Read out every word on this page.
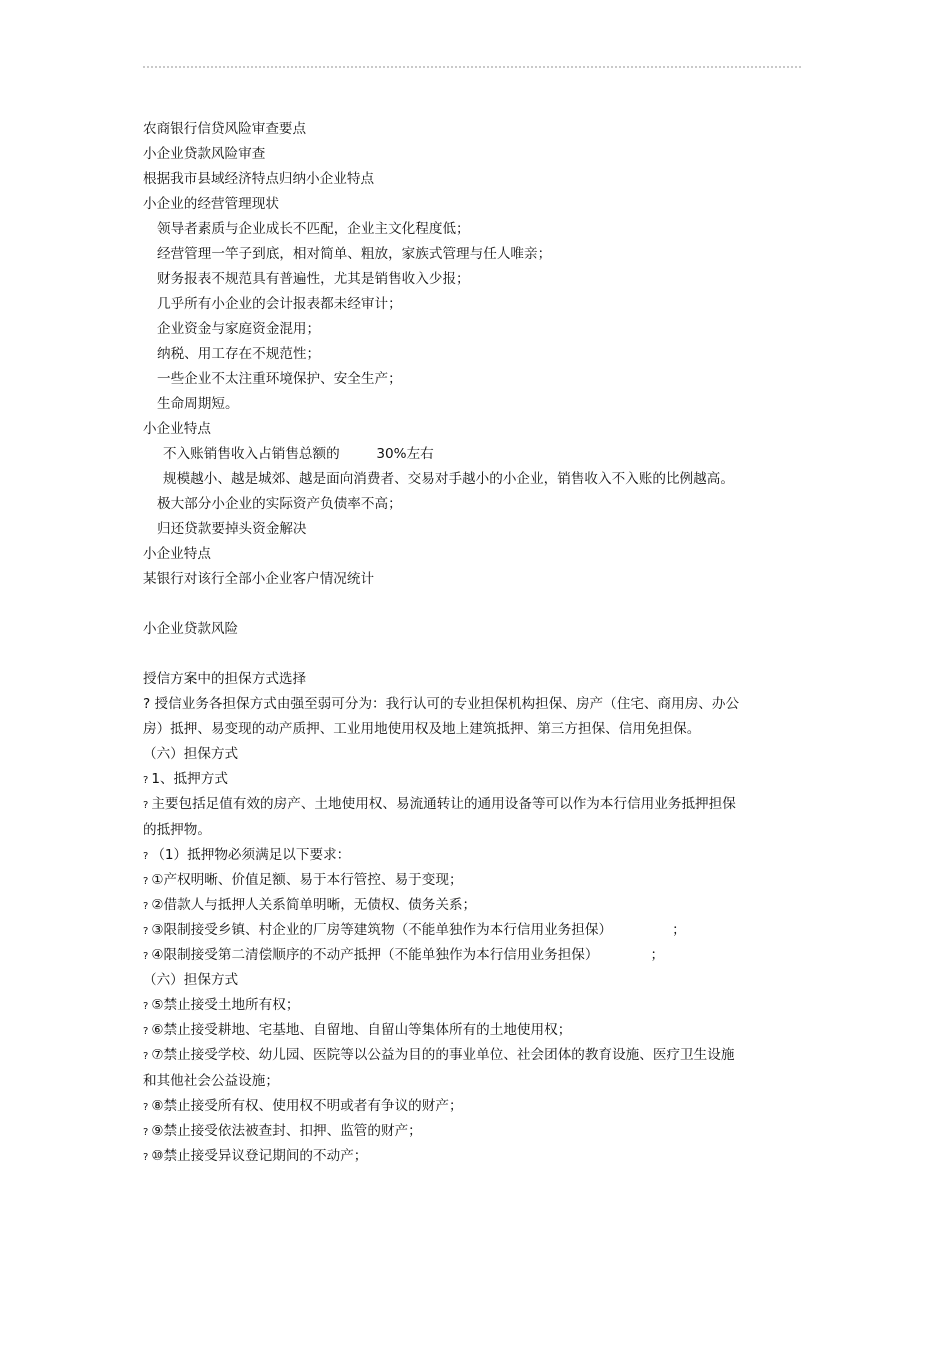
农商银行信贷风险审查要点
小企业贷款风险审查
根据我市县域经济特点归纳小企业特点
小企业的经营管理现状
领导者素质与企业成长不匹配，企业主文化程度低；
经营管理一竿子到底，相对简单、粗放，家族式管理与任人唯亲；
财务报表不规范具有普遍性，尤其是销售收入少报；
几乎所有小企业的会计报表都未经审计；
企业资金与家庭资金混用；
纳税、用工存在不规范性；
一些企业不太注重环境保护、安全生产；
生命周期短。
小企业特点
不入账销售收入占销售总额的	30%左右
规模越小、越是城郊、越是面向消费者、交易对手越小的小企业，销售收入不入账的比例越高。
极大部分小企业的实际资产负债率不高；
归还贷款要掉头资金解决
小企业特点
某银行对该行全部小企业客户情况统计
小企业贷款风险
授信方案中的担保方式选择
? 授信业务各担保方式由强至弱可分为：我行认可的专业担保机构担保、房产（住宅、商用房、办公房）抵押、易变现的动产质押、工业用地使用权及地上建筑抵押、第三方担保、信用免担保。
（六）担保方式
? 1、抵押方式
? 主要包括足值有效的房产、土地使用权、易流通转让的通用设备等可以作为本行信用业务抵押担保的抵押物。
? （1）抵押物必须满足以下要求：
? ①产权明晰、价值足额、易于本行管控、易于变现；
? ②借款人与抵押人关系简单明晰，无债权、债务关系；
? ③限制接受乡镇、村企业的厂房等建筑物（不能单独作为本行信用业务担保）	；
? ④限制接受第二清偿顺序的不动产抵押（不能单独作为本行信用业务担保）	；
（六）担保方式
? ⑤禁止接受土地所有权；
? ⑥禁止接受耕地、宅基地、自留地、自留山等集体所有的土地使用权；
? ⑦禁止接受学校、幼儿园、医院等以公益为目的的事业单位、社会团体的教育设施、医疗卫生设施和其他社会公益设施；
? ⑧禁止接受所有权、使用权不明或者有争议的财产；
? ⑨禁止接受依法被查封、扣押、监管的财产；
? ⑩禁止接受异议登记期间的不动产；
